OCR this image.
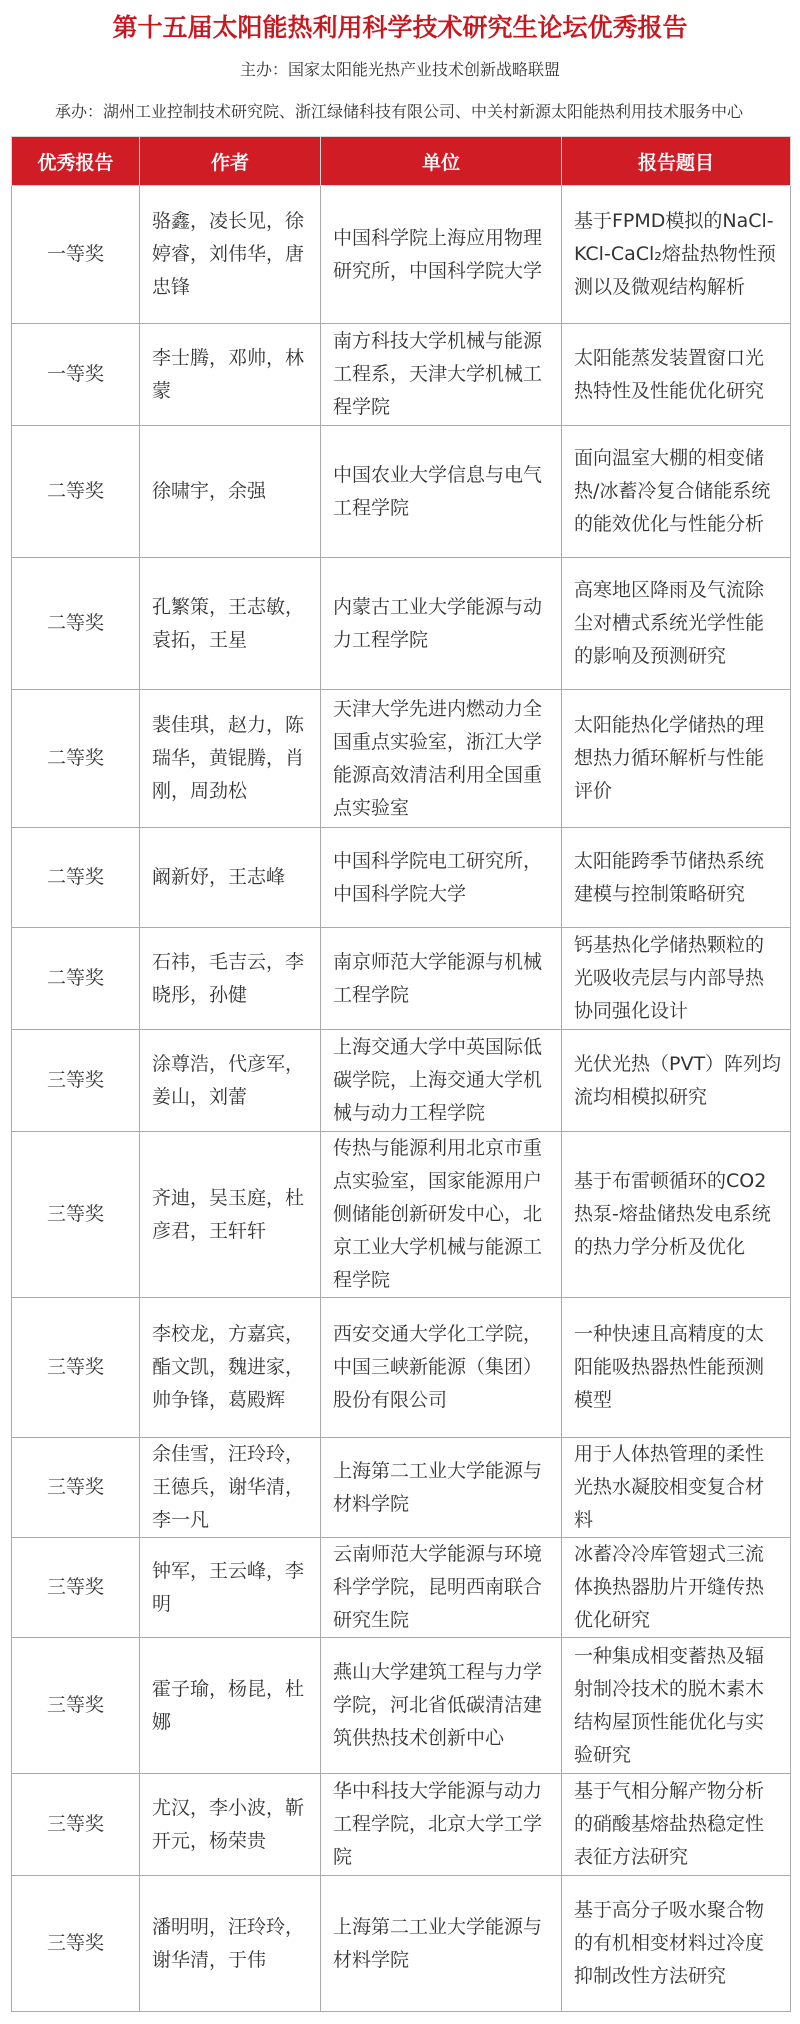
第十五届太阳能热利用科学技术研究生论坛优秀报告
主办：国家太阳能光热产业技术创新战略联盟
承办：湖州工业控制技术研究院、浙江绿储科技有限公司、中关村新源太阳能热利用技术服务中心
优秀报告	作者	单位	报告题目
一等奖	骆鑫，凌长见，徐婷睿，刘伟华，唐忠锋	中国科学院上海应用物理研究所，中国科学院大学	基于FPMD模拟的NaCl-KCl-CaCl₂熔盐热物性预测以及微观结构解析
一等奖	李士腾，邓帅，林蒙	南方科技大学机械与能源工程系，天津大学机械工程学院	太阳能蒸发装置窗口光热特性及性能优化研究
二等奖	徐啸宇，余强	中国农业大学信息与电气工程学院	面向温室大棚的相变储热/冰蓄冷复合储能系统的能效优化与性能分析
二等奖	孔繁策，王志敏，袁拓，王星	内蒙古工业大学能源与动力工程学院	高寒地区降雨及气流除尘对槽式系统光学性能的影响及预测研究
二等奖	裴佳琪，赵力，陈瑞华，黄锟腾，肖刚，周劲松	天津大学先进内燃动力全国重点实验室，浙江大学能源高效清洁利用全国重点实验室	太阳能热化学储热的理想热力循环解析与性能评价
二等奖	阚新妤，王志峰	中国科学院电工研究所，中国科学院大学	太阳能跨季节储热系统建模与控制策略研究
二等奖	石祎，毛吉云，李晓彤，孙健	南京师范大学能源与机械工程学院	钙基热化学储热颗粒的光吸收壳层与内部导热协同强化设计
三等奖	涂尊浩，代彦军，姜山，刘蕾	上海交通大学中英国际低碳学院，上海交通大学机械与动力工程学院	光伏光热（PVT）阵列均流均相模拟研究
三等奖	齐迪，吴玉庭，杜彦君，王轩轩	传热与能源利用北京市重点实验室，国家能源用户侧储能创新研发中心，北京工业大学机械与能源工程学院	基于布雷顿循环的CO2热泵-熔盐储热发电系统的热力学分析及优化
三等奖	李校龙，方嘉宾，酯文凯，魏进家，帅争锋，葛殿辉	西安交通大学化工学院，中国三峡新能源（集团）股份有限公司	一种快速且高精度的太阳能吸热器热性能预测模型
三等奖	余佳雪，汪玲玲，王德兵，谢华清，李一凡	上海第二工业大学能源与材料学院	用于人体热管理的柔性光热水凝胶相变复合材料
三等奖	钟军，王云峰，李明	云南师范大学能源与环境科学学院，昆明西南联合研究生院	冰蓄冷冷库管翅式三流体换热器肋片开缝传热优化研究
三等奖	霍子瑜，杨昆，杜娜	燕山大学建筑工程与力学学院，河北省低碳清洁建筑供热技术创新中心	一种集成相变蓄热及辐射制冷技术的脱木素木结构屋顶性能优化与实验研究
三等奖	尤汉，李小波，靳开元，杨荣贵	华中科技大学能源与动力工程学院，北京大学工学院	基于气相分解产物分析的硝酸基熔盐热稳定性表征方法研究
三等奖	潘明明，汪玲玲，谢华清，于伟	上海第二工业大学能源与材料学院	基于高分子吸水聚合物的有机相变材料过冷度抑制改性方法研究
